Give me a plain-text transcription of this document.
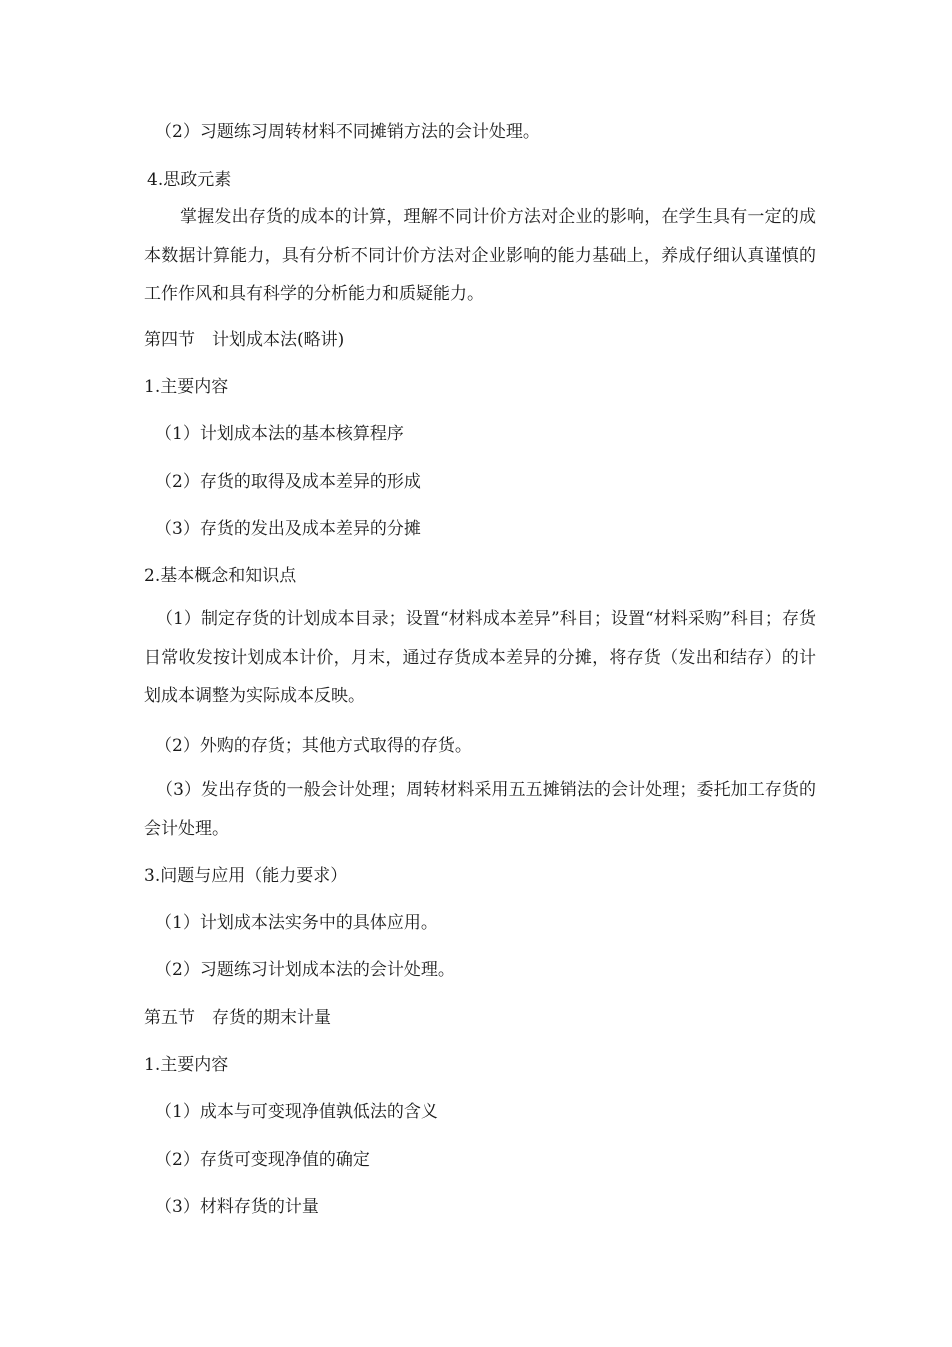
（2）习题练习周转材料不同摊销方法的会计处理。
4.思政元素
掌握发出存货的成本的计算，理解不同计价方法对企业的影响，在学生具有一定的成本数据计算能力，具有分析不同计价方法对企业影响的能力基础上，养成仔细认真谨慎的工作作风和具有科学的分析能力和质疑能力。
第四节　计划成本法(略讲)
1.主要内容
（1）计划成本法的基本核算程序
（2）存货的取得及成本差异的形成
（3）存货的发出及成本差异的分摊
2.基本概念和知识点
（1）制定存货的计划成本目录；设置“材料成本差异”科目；设置“材料采购”科目；存货日常收发按计划成本计价，月末，通过存货成本差异的分摊，将存货（发出和结存）的计划成本调整为实际成本反映。
（2）外购的存货；其他方式取得的存货。
（3）发出存货的一般会计处理；周转材料采用五五摊销法的会计处理；委托加工存货的会计处理。
3.问题与应用（能力要求）
（1）计划成本法实务中的具体应用。
（2）习题练习计划成本法的会计处理。
第五节　存货的期末计量
1.主要内容
（1）成本与可变现净值孰低法的含义
（2）存货可变现净值的确定
（3）材料存货的计量
